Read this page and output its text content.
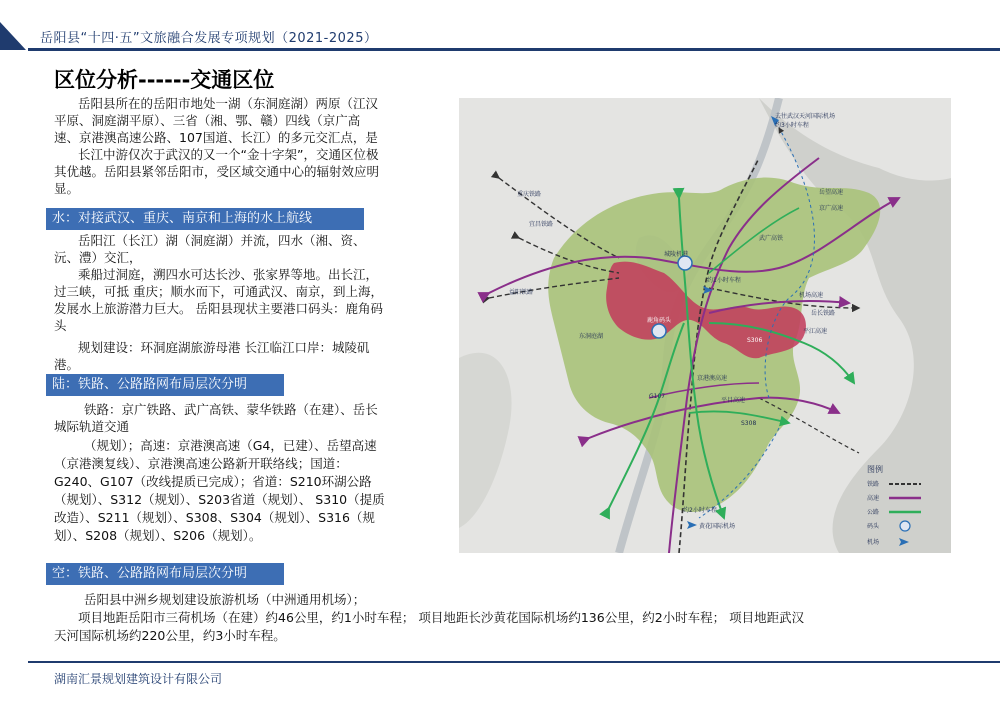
岳阳县“十四·五”文旅融合发展专项规划（2021-2025）
区位分析------交通区位

岳阳县所在的岳阳市地处一湖（东洞庭湖）两原（江汉

平原、洞庭湖平原）、三省（湘、鄂、赣）四线（京广高

速、京港澳高速公路、107国道、长江）的多元交汇点，是

长江中游仅次于武汉的又一个“金十字架”，交通区位极

其优越。岳阳县紧邻岳阳市，受区域交通中心的辐射效应明

显。

水：对接武汉、重庆、南京和上海的水上航线

岳阳江（长江）湖（洞庭湖）并流，四水（湘、资、

沅、澧）交汇，

乘船过洞庭，溯四水可达长沙、张家界等地。出长江，

过三峡，可抵 重庆；顺水而下，可通武汉、南京，到上海，

发展水上旅游潜力巨大。 岳阳县现状主要港口码头：鹿角码

头

规划建设：环洞庭湖旅游母港 长江临江口岸：城陵矶

港。

陆：铁路、公路路网布局层次分明

铁路：京广铁路、武广高铁、蒙华铁路（在建）、岳长

城际轨道交通

（规划）；高速：京港澳高速（G4，已建）、岳望高速

（京港澳复线）、京港澳高速公路新开联络线；国道：

G240、G107（改线提质已完成）；省道：S210环湖公路

（规划）、S312（规划）、S203省道（规划）、 S310（提质

改造）、S211（规划）、S308、S304（规划）、S316（规

划）、S208（规划）、S206（规划）。

空：铁路、公路路网布局层次分明

岳阳县中洲乡规划建设旅游机场（中洲通用机场）；

项目地距岳阳市三荷机场（在建）约46公里，约1小时车程； 项目地距长沙黄花国际机场约136公里，约2小时车程； 项目地距武汉

天河国际机场约220公里，约3小时车程。

去往武汉天河国际机场
约3小时车程
约1小时车程
城陵机港
鹿角码头
约2小时车程
黄花国际机场
重庆铁路
宜昌铁路
益阳铁路
武广高铁
京广高速
机场高速
岳望高速
东洞庭湖
平江高速
岳长铁路
S306
S308
G107
京港澳高速
平目高速
图例
铁路
高速
公路
码头
机场
湖南汇景规划建筑设计有限公司
